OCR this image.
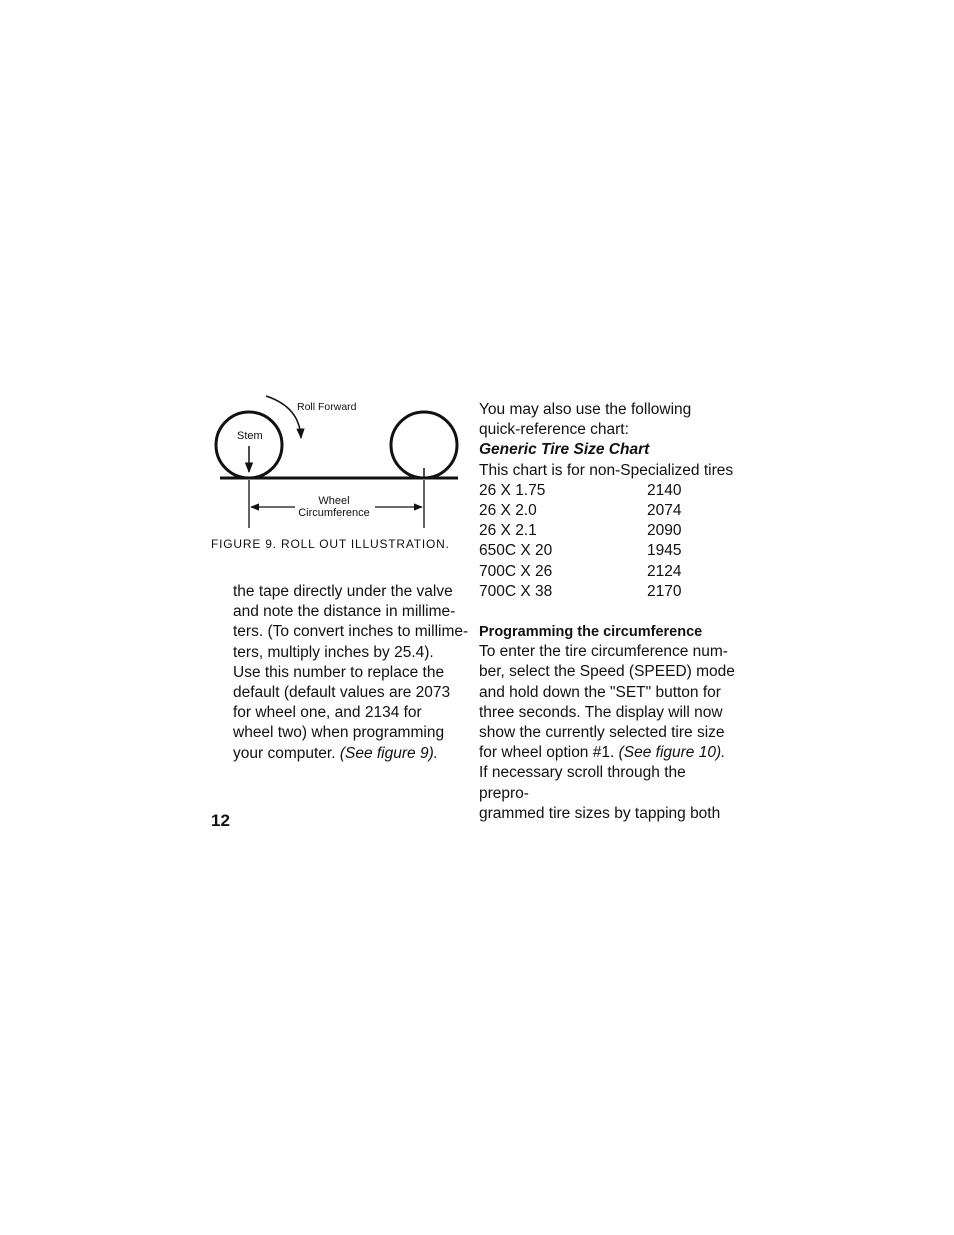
Stem
Roll Forward
Wheel
Circumference
FIGURE 9. ROLL OUT ILLUSTRATION.

the tape directly under the valve

and note the distance in millime-

ters. (To convert inches to millime-

ters, multiply inches by 25.4).

Use this number to replace the

default (default values are 2073

for wheel one, and 2134 for

wheel two) when programming

your computer. (See figure 9).

You may also use the following

quick-reference chart:

Generic Tire Size Chart

This chart is for non-Specialized tires

26 X 1.75	2140
26 X 2.0	2074
26 X 2.1	2090
650C X 20	1945
700C X 26	2124
700C X 38	2170

Programming the circumference

To enter the tire circumference num-

ber, select the Speed (SPEED) mode

and hold down the "SET" button for

three seconds. The display will now

show the currently selected tire size

for wheel option #1. (See figure 10).

If necessary scroll through the prepro-

grammed tire sizes by tapping both

12
